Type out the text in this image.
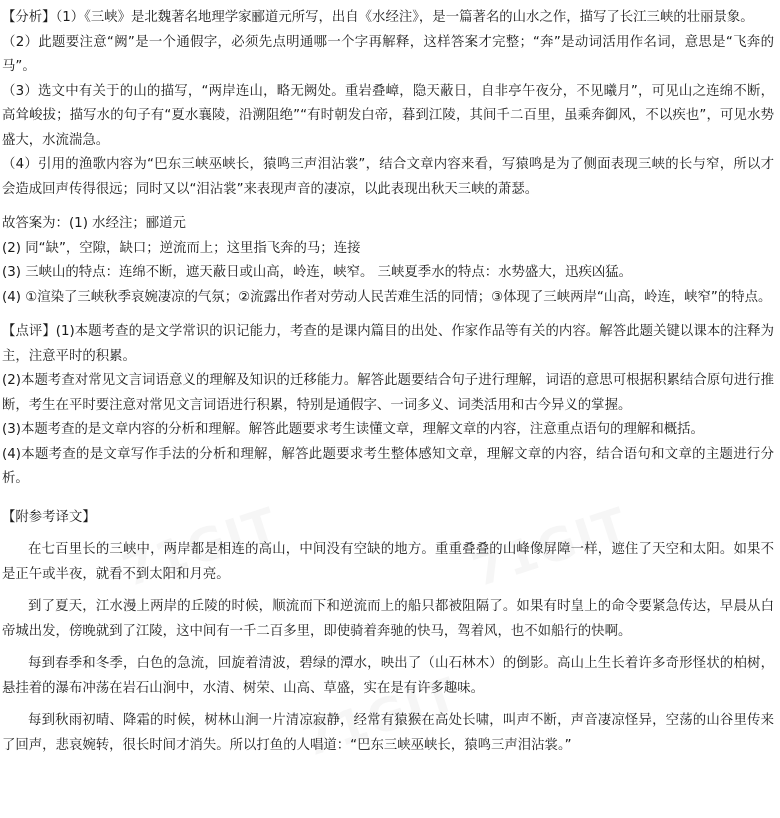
【分析】（1）《三峡》是北魏著名地理学家郦道元所写，出自《水经注》，是一篇著名的山水之作，描写了长江三峡的壮丽景象。

（2）此题要注意“阙”是一个通假字，必须先点明通哪一个字再解释，这样答案才完整；“奔”是动词活用作名词，意思是“飞奔的马”。

（3）选文中有关于的山的描写，“两岸连山，略无阙处。重岩叠嶂，隐天蔽日，自非亭午夜分，不见曦月”，可见山之连绵不断，高耸峻拔；描写水的句子有“夏水襄陵，沿溯阻绝”“有时朝发白帝，暮到江陵，其间千二百里，虽乘奔御风，不以疾也”，可见水势盛大，水流湍急。

（4）引用的渔歌内容为“巴东三峡巫峡长，猿鸣三声泪沾裳”，结合文章内容来看，写猿鸣是为了侧面表现三峡的长与窄，所以才会造成回声传得很远；同时又以“泪沾裳”来表现声音的凄凉，以此表现出秋天三峡的萧瑟。

故答案为：(1) 水经注；郦道元

(2) 同“缺”，空隙，缺口；逆流而上；这里指飞奔的马；连接

(3) 三峡山的特点：连绵不断，遮天蔽日或山高，岭连，峡窄。 三峡夏季水的特点：水势盛大，迅疾凶猛。

(4) ①渲染了三峡秋季哀婉凄凉的气氛；②流露出作者对劳动人民苦难生活的同情；③体现了三峡两岸“山高，岭连，峡窄”的特点。

【点评】(1)本题考查的是文学常识的识记能力，考查的是课内篇目的出处、作家作品等有关的内容。解答此题关键以课本的注释为主，注意平时的积累。

(2)本题考查对常见文言词语意义的理解及知识的迁移能力。解答此题要结合句子进行理解，词语的意思可根据积累结合原句进行推断，考生在平时要注意对常见文言词语进行积累，特别是通假字、一词多义、词类活用和古今异义的掌握。

(3)本题考查的是文章内容的分析和理解。解答此题要求考生读懂文章，理解文章的内容，注意重点语句的理解和概括。

(4)本题考查的是文章写作手法的分析和理解，解答此题要求考生整体感知文章，理解文章的内容，结合语句和文章的主题进行分析。

【附参考译文】

在七百里长的三峡中，两岸都是相连的高山，中间没有空缺的地方。重重叠叠的山峰像屏障一样，遮住了天空和太阳。如果不是正午或半夜，就看不到太阳和月亮。

到了夏天，江水漫上两岸的丘陵的时候，顺流而下和逆流而上的船只都被阻隔了。如果有时皇上的命令要紧急传达，早晨从白帝城出发，傍晚就到了江陵，这中间有一千二百多里，即使骑着奔驰的快马，驾着风，也不如船行的快啊。

每到春季和冬季，白色的急流，回旋着清波，碧绿的潭水，映出了（山石林木）的倒影。高山上生长着许多奇形怪状的柏树，悬挂着的瀑布冲荡在岩石山涧中，水清、树荣、山高、草盛，实在是有许多趣味。

每到秋雨初晴、降霜的时候，树林山涧一片清凉寂静，经常有猿猴在高处长啸，叫声不断，声音凄凉怪异，空荡的山谷里传来了回声，悲哀婉转，很长时间才消失。所以打鱼的人唱道：“巴东三峡巫峡长，猿鸣三声泪沾裳。”
